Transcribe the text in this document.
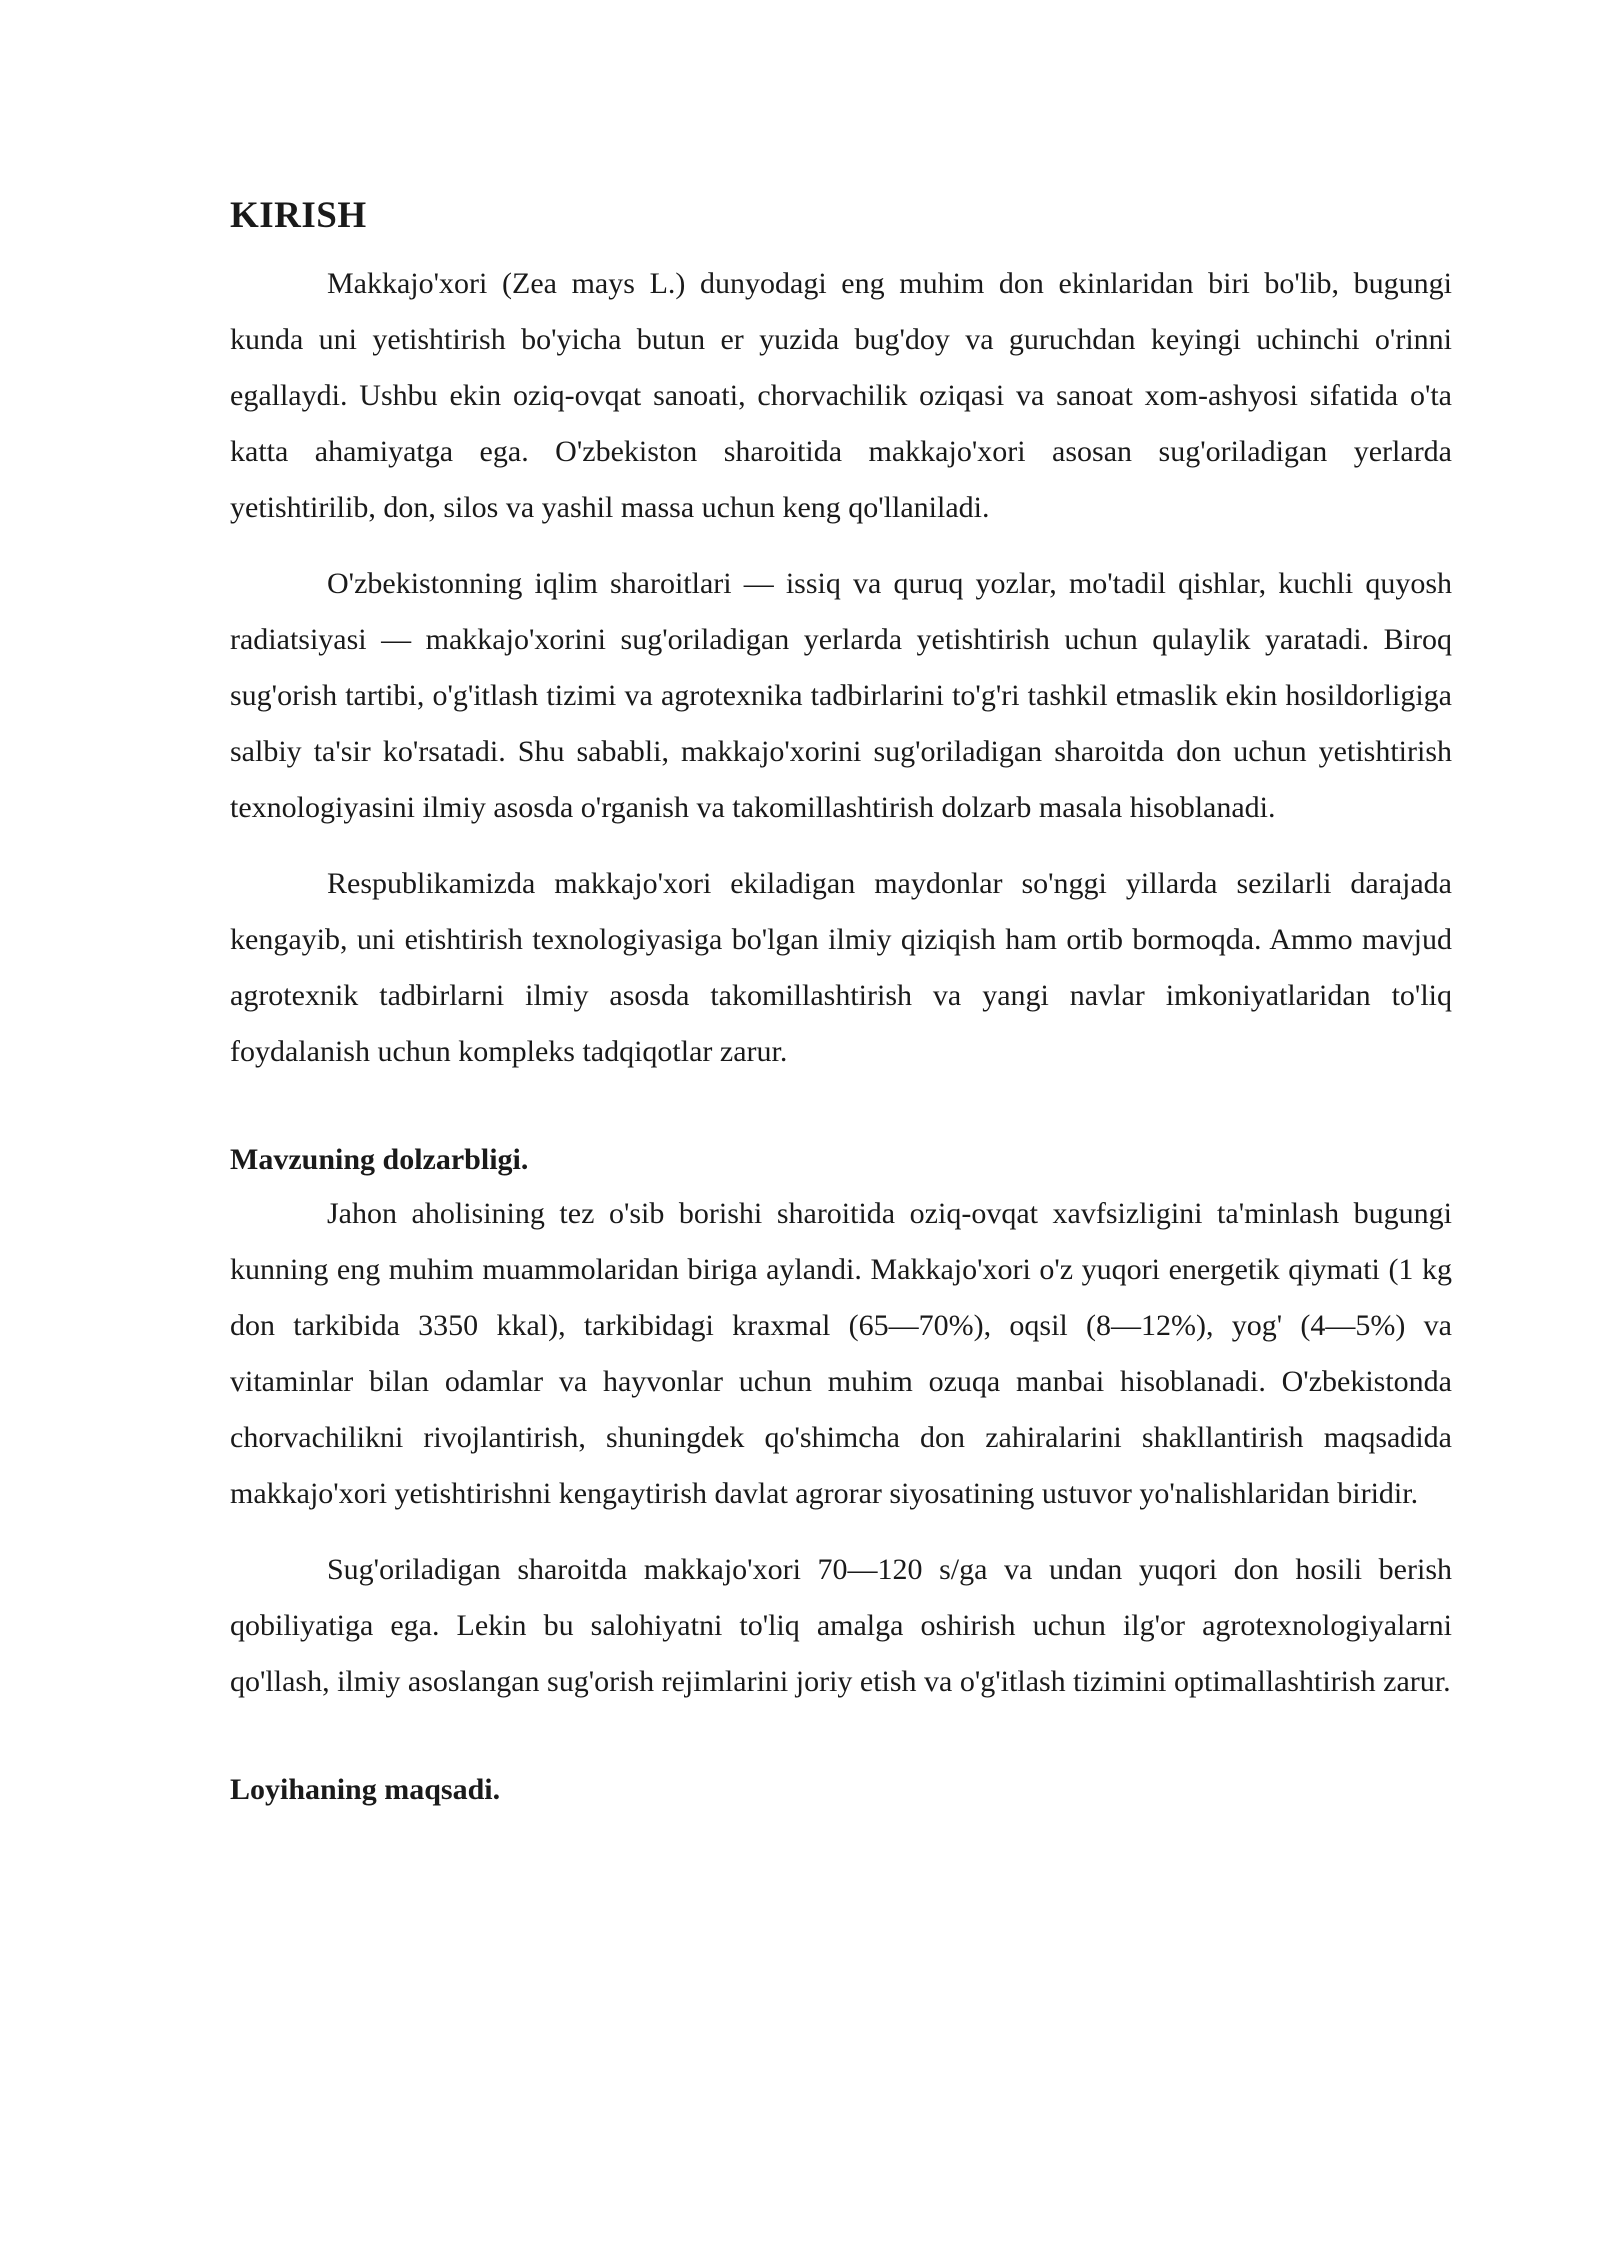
KIRISH

Makkajo'xori (Zea mays L.) dunyodagi eng muhim don ekinlaridan biri bo'lib, bugungi kunda uni yetishtirish bo'yicha butun er yuzida bug'doy va guruchdan keyingi uchinchi o'rinni egallaydi. Ushbu ekin oziq-ovqat sanoati, chorvachilik oziqasi va sanoat xom-ashyosi sifatida o'ta katta ahamiyatga ega. O'zbekiston sharoitida makkajo'xori asosan sug'oriladigan yerlarda yetishtirilib, don, silos va yashil massa uchun keng qo'llaniladi.

O'zbekistonning iqlim sharoitlari — issiq va quruq yozlar, mo'tadil qishlar, kuchli quyosh radiatsiyasi — makkajo'xorini sug'oriladigan yerlarda yetishtirish uchun qulaylik yaratadi. Biroq sug'orish tartibi, o'g'itlash tizimi va agrotexnika tadbirlarini to'g'ri tashkil etmaslik ekin hosildorligiga salbiy ta'sir ko'rsatadi. Shu sababli, makkajo'xorini sug'oriladigan sharoitda don uchun yetishtirish texnologiyasini ilmiy asosda o'rganish va takomillashtirish dolzarb masala hisoblanadi.

Respublikamizda makkajo'xori ekiladigan maydonlar so'nggi yillarda sezilarli darajada kengayib, uni etishtirish texnologiyasiga bo'lgan ilmiy qiziqish ham ortib bormoqda. Ammo mavjud agrotexnik tadbirlarni ilmiy asosda takomillashtirish va yangi navlar imkoniyatlaridan to'liq foydalanish uchun kompleks tadqiqotlar zarur.

Mavzuning dolzarbligi.

Jahon aholisining tez o'sib borishi sharoitida oziq-ovqat xavfsizligini ta'minlash bugungi kunning eng muhim muammolaridan biriga aylandi. Makkajo'xori o'z yuqori energetik qiymati (1 kg don tarkibida 3350 kkal), tarkibidagi kraxmal (65—70%), oqsil (8—12%), yog' (4—5%) va vitaminlar bilan odamlar va hayvonlar uchun muhim ozuqa manbai hisoblanadi. O'zbekistonda chorvachilikni rivojlantirish, shuningdek qo'shimcha don zahiralarini shakllantirish maqsadida makkajo'xori yetishtirishni kengaytirish davlat agrorar siyosatining ustuvor yo'nalishlaridan biridir.

Sug'oriladigan sharoitda makkajo'xori 70—120 s/ga va undan yuqori don hosili berish qobiliyatiga ega. Lekin bu salohiyatni to'liq amalga oshirish uchun ilg'or agrotexnologiyalarni qo'llash, ilmiy asoslangan sug'orish rejimlarini joriy etish va o'g'itlash tizimini optimallashtirish zarur.

Loyihaning maqsadi.
